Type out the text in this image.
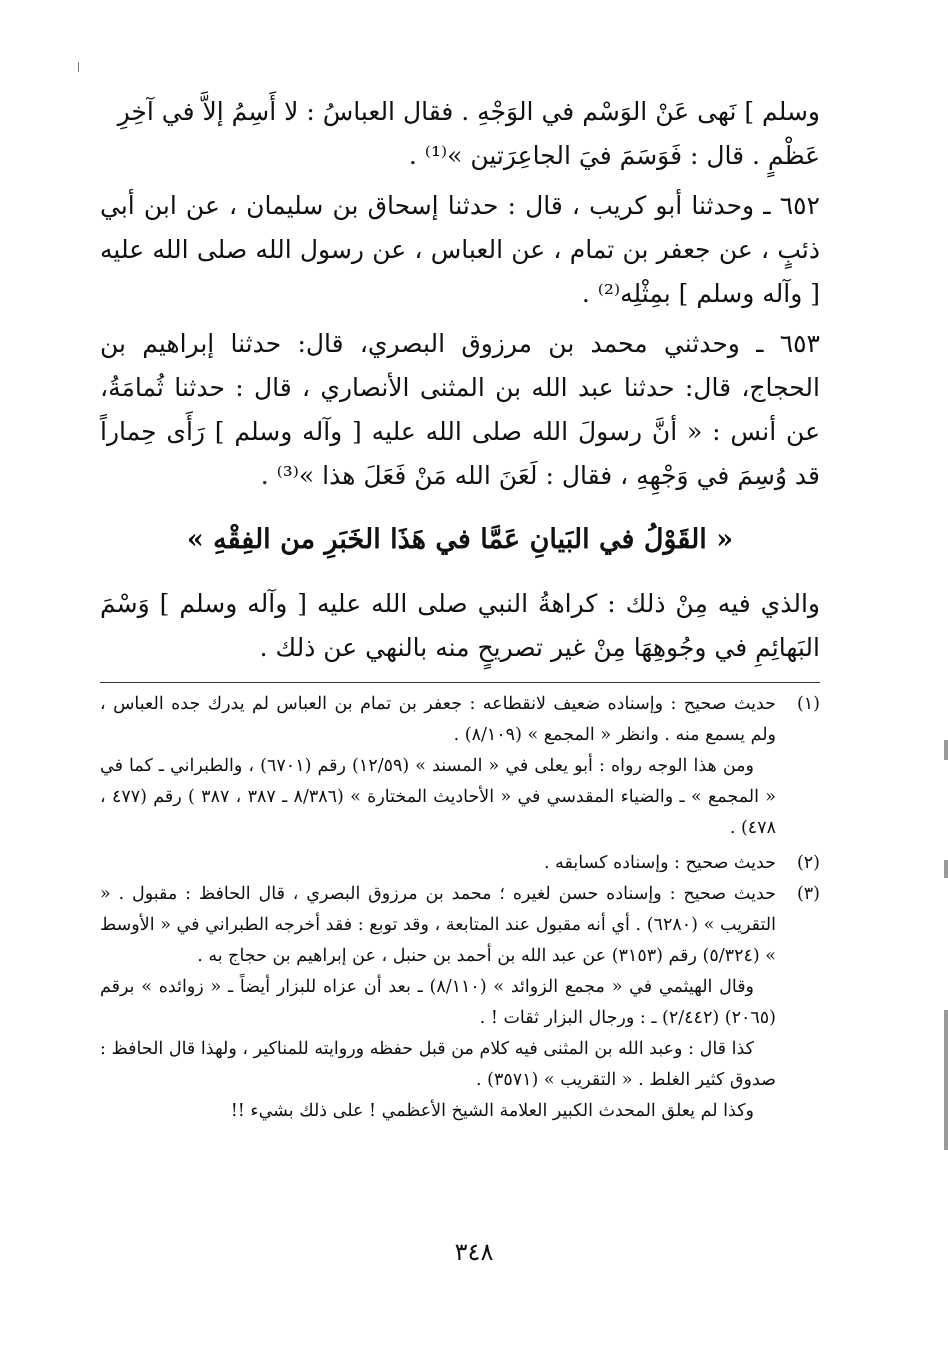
وسلم ] نَهى عَنْ الوَسْم في الوَجْهِ . فقال العباسُ : لا أَسِمُ إلاَّ في آخِرِ

عَظْمٍ . قال : فَوَسَمَ فيَ الجاعِرَتين »⁽¹⁾ .

٦٥٢ ـ وحدثنا أبو كريب ، قال : حدثنا إسحاق بن سليمان ، عن ابن أبي ذئبٍ ، عن جعفر بن تمام ، عن العباس ، عن رسول الله صلى الله عليه [ وآله وسلم ] بمِثْلِه⁽²⁾ .

٦٥٣ ـ وحدثني محمد بن مرزوق البصري، قال: حدثنا إبراهيم بن الحجاج، قال: حدثنا عبد الله بن المثنى الأنصاري ، قال : حدثنا ثُمامَةُ، عن أنس : « أنَّ رسولَ الله صلى الله عليه [ وآله وسلم ] رَأَى حِماراً قد وُسِمَ في وَجْهِهِ ، فقال : لَعَنَ الله مَنْ فَعَلَ هذا »⁽³⁾ .

« القَوْلُ في البَيانِ عَمَّا في هَذَا الخَبَرِ من الفِقْهِ »

والذي فيه مِنْ ذلك : كراهةُ النبي صلى الله عليه [ وآله وسلم ] وَسْمَ البَهائِمِ في وجُوهِهَا مِنْ غير تصريحٍ منه بالنهي عن ذلك .

(١)

حديث صحيح : وإسناده ضعيف لانقطاعه : جعفر بن تمام بن العباس لم يدرك جده العباس ، ولم يسمع منه . وانظر « المجمع » (٨/١٠٩) .

ومن هذا الوجه رواه : أبو يعلى في « المسند » (١٢/٥٩) رقم (٦٧٠١) ، والطبراني ـ كما في « المجمع » ـ والضياء المقدسي في « الأحاديث المختارة » (٨/٣٨٦ ـ ٣٨٧ ، ٣٨٧ ) رقم (٤٧٧ ، ٤٧٨) .

(٢)

حديث صحيح : وإسناده كسابقه .

(٣)

حديث صحيح : وإسناده حسن لغيره ؛ محمد بن مرزوق البصري ، قال الحافظ : مقبول . « التقريب » (٦٢٨٠) . أي أنه مقبول عند المتابعة ، وقد توبع : فقد أخرجه الطبراني في « الأوسط » (٥/٣٢٤) رقم (٣١٥٣) عن عبد الله بن أحمد بن حنبل ، عن إبراهيم بن حجاج به .

وقال الهيثمي في « مجمع الزوائد » (٨/١١٠) ـ بعد أن عزاه للبزار أيضاً ـ « زوائده » برقم (٢٠٦٥) (٢/٤٤٢) ـ : ورجال البزار ثقات ! .

كذا قال : وعبد الله بن المثنى فيه كلام من قبل حفظه وروايته للمناكير ، ولهذا قال الحافظ : صدوق كثير الغلط . « التقريب » (٣٥٧١) .

وكذا لم يعلق المحدث الكبير العلامة الشيخ الأعظمي ! على ذلك بشيء !!

٣٤٨
